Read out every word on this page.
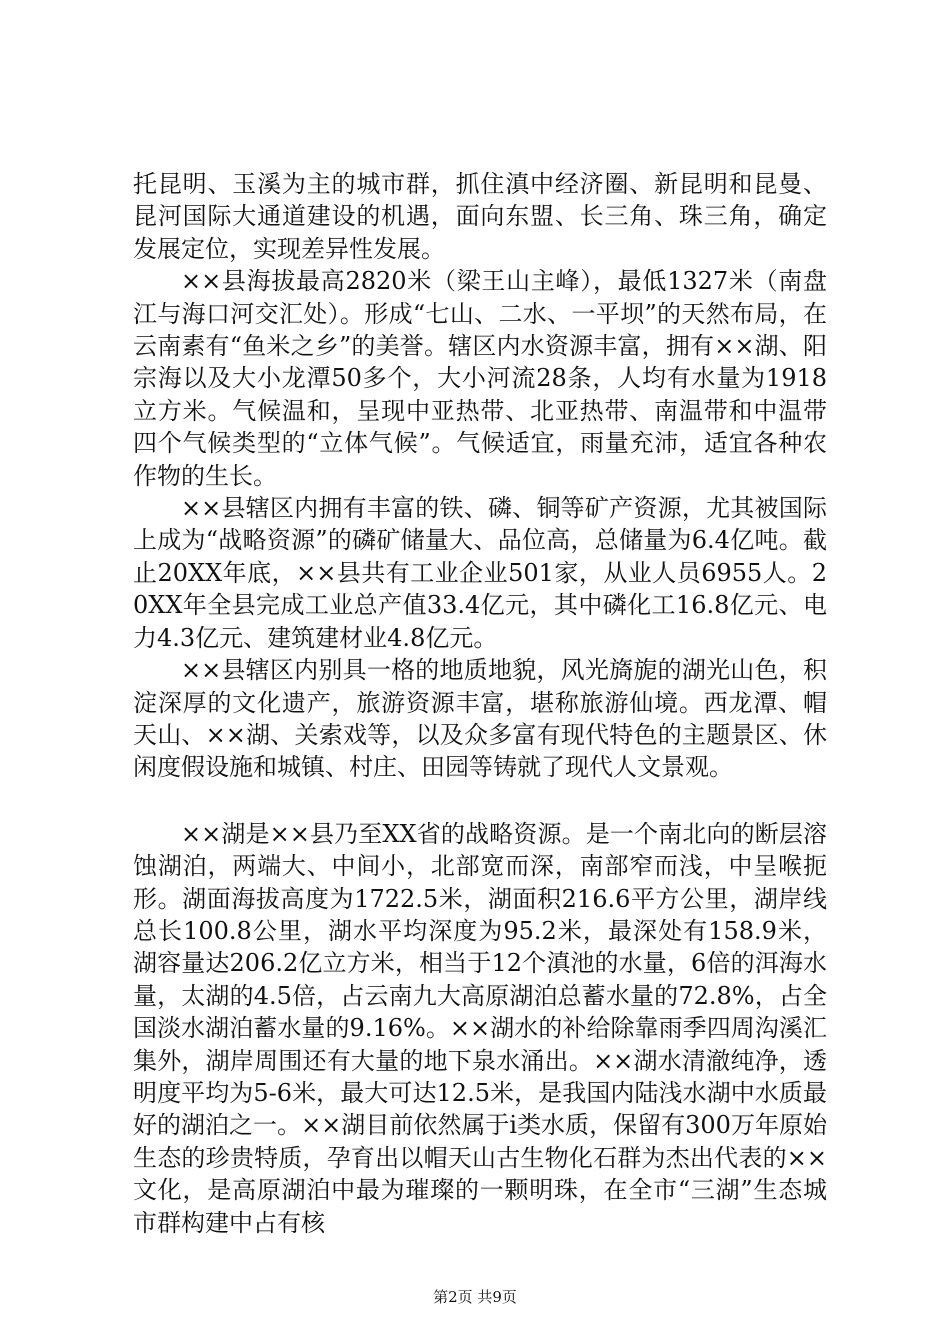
托昆明、玉溪为主的城市群，抓住滇中经济圈、新昆明和昆曼、昆河国际大通道建设的机遇，面向东盟、长三角、珠三角，确定发展定位，实现差异性发展。

××县海拔最高2820米（梁王山主峰），最低1327米（南盘江与海口河交汇处）。形成“七山、二水、一平坝”的天然布局，在云南素有“鱼米之乡”的美誉。辖区内水资源丰富，拥有××湖、阳宗海以及大小龙潭50多个，大小河流28条，人均有水量为1918立方米。气候温和，呈现中亚热带、北亚热带、南温带和中温带四个气候类型的“立体气候”。气候适宜，雨量充沛，适宜各种农作物的生长。

××县辖区内拥有丰富的铁、磷、铜等矿产资源，尤其被国际上成为“战略资源”的磷矿储量大、品位高，总储量为6.4亿吨。截止20XX年底，××县共有工业企业501家，从业人员6955人。20XX年全县完成工业总产值33.4亿元，其中磷化工16.8亿元、电力4.3亿元、建筑建材业4.8亿元。

××县辖区内别具一格的地质地貌，风光旖旎的湖光山色，积淀深厚的文化遗产，旅游资源丰富，堪称旅游仙境。西龙潭、帽天山、××湖、关索戏等，以及众多富有现代特色的主题景区、休闲度假设施和城镇、村庄、田园等铸就了现代人文景观。

××湖是××县乃至XX省的战略资源。是一个南北向的断层溶蚀湖泊，两端大、中间小，北部宽而深，南部窄而浅，中呈喉扼形。湖面海拔高度为1722.5米，湖面积216.6平方公里，湖岸线总长100.8公里，湖水平均深度为95.2米，最深处有158.9米，湖容量达206.2亿立方米，相当于12个滇池的水量，6倍的洱海水量，太湖的4.5倍，占云南九大高原湖泊总蓄水量的72.8%，占全国淡水湖泊蓄水量的9.16%。××湖水的补给除靠雨季四周沟溪汇集外，湖岸周围还有大量的地下泉水涌出。××湖水清澈纯净，透明度平均为5-6米，最大可达12.5米，是我国内陆浅水湖中水质最好的湖泊之一。××湖目前依然属于ⅰ类水质，保留有300万年原始生态的珍贵特质，孕育出以帽天山古生物化石群为杰出代表的××文化，是高原湖泊中最为璀璨的一颗明珠，在全市“三湖”生态城市群构建中占有核

第2页 共9页
